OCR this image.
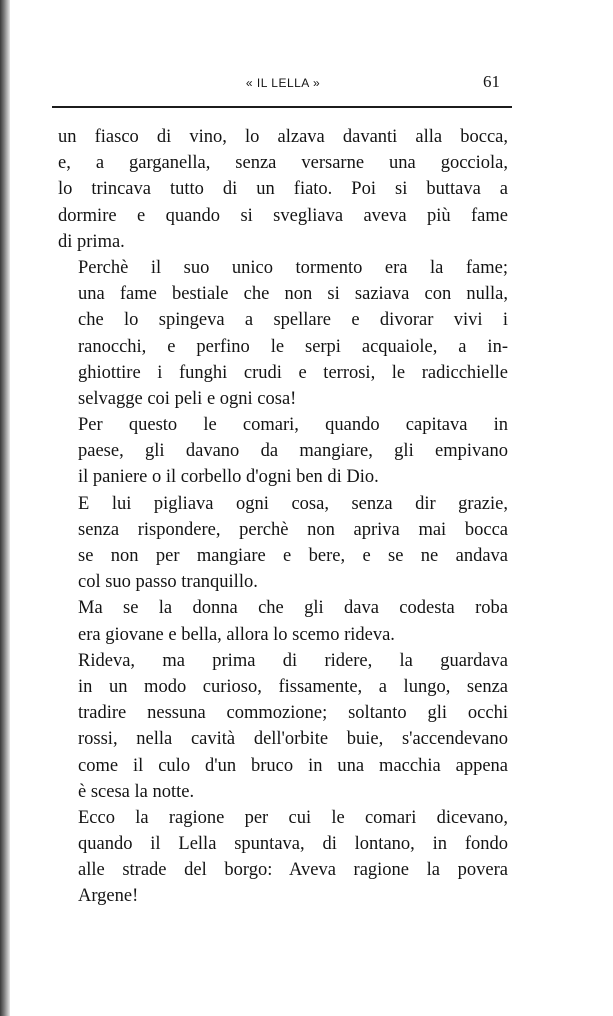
« IL LELLA »	61
un fiasco di vino, lo alzava davanti alla bocca,
e, a garganella, senza versarne una gocciola,
lo trincava tutto di un fiato. Poi si buttava a
dormire e quando si svegliava aveva più fame
di prima.
Perchè il suo unico tormento era la fame;
una fame bestiale che non si saziava con nulla,
che lo spingeva a spellare e divorar vivi i
ranocchi, e perfino le serpi acquaiole, a in-
ghiottire i funghi crudi e terrosi, le radicchielle
selvagge coi peli e ogni cosa!
Per questo le comari, quando capitava in
paese, gli davano da mangiare, gli empivano
il paniere o il corbello d'ogni ben di Dio.
E lui pigliava ogni cosa, senza dir grazie,
senza rispondere, perchè non apriva mai bocca
se non per mangiare e bere, e se ne andava
col suo passo tranquillo.
Ma se la donna che gli dava codesta roba
era giovane e bella, allora lo scemo rideva.
Rideva, ma prima di ridere, la guardava
in un modo curioso, fissamente, a lungo, senza
tradire nessuna commozione; soltanto gli occhi
rossi, nella cavità dell'orbite buie, s'accendevano
come il culo d'un bruco in una macchia appena
è scesa la notte.
Ecco la ragione per cui le comari dicevano,
quando il Lella spuntava, di lontano, in fondo
alle strade del borgo: Aveva ragione la povera
Argene!
